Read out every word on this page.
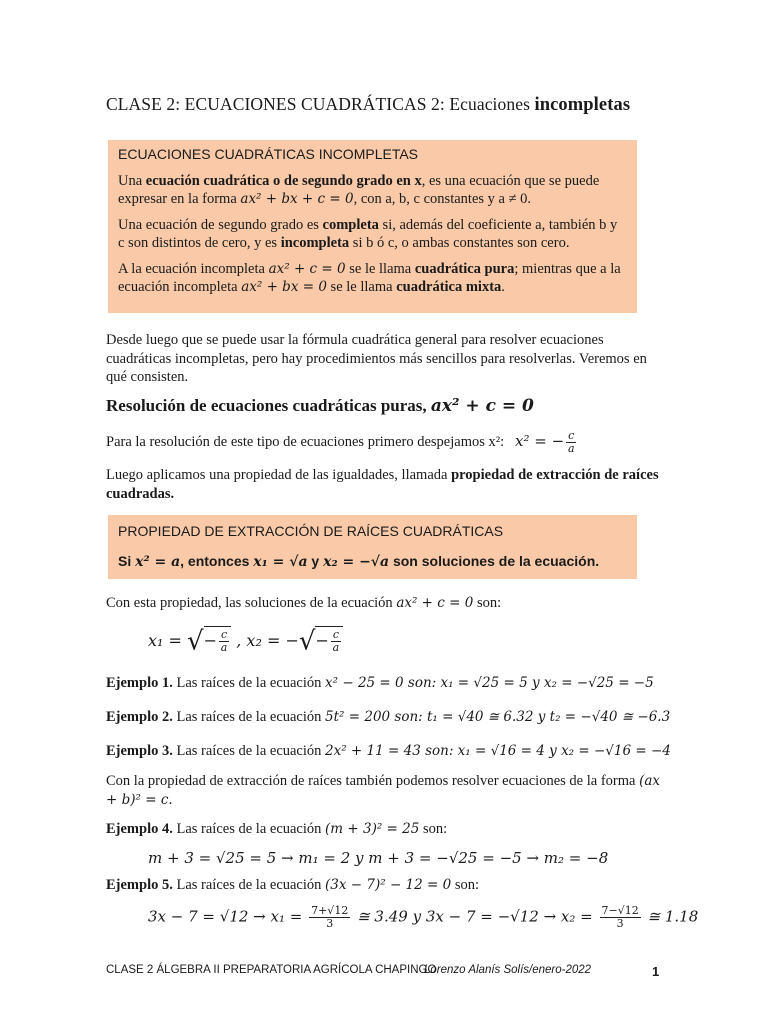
CLASE 2: ECUACIONES CUADRÁTICAS 2: Ecuaciones incompletas
ECUACIONES CUADRÁTICAS INCOMPLETAS

Una ecuación cuadrática o de segundo grado en x, es una ecuación que se puede expresar en la forma ax² + bx + c = 0, con a, b, c constantes y a ≠ 0.

Una ecuación de segundo grado es completa si, además del coeficiente a, también b y c son distintos de cero, y es incompleta si b ó c, o ambas constantes son cero.

A la ecuación incompleta ax² + c = 0 se le llama cuadrática pura; mientras que a la ecuación incompleta ax² + bx = 0 se le llama cuadrática mixta.

Desde luego que se puede usar la fórmula cuadrática general para resolver ecuaciones cuadráticas incompletas, pero hay procedimientos más sencillos para resolverlas. Veremos en qué consisten.
Resolución de ecuaciones cuadráticas puras, ax² + c = 0
Para la resolución de este tipo de ecuaciones primero despejamos x²: x² = − $\frac{c}{a}$
Luego aplicamos una propiedad de las igualdades, llamada propiedad de extracción de raíces cuadradas.
PROPIEDAD DE EXTRACCIÓN DE RAÍCES CUADRÁTICAS
Si x² = a, entonces x₁ = √a y x₂ = −√a son soluciones de la ecuación.
Con esta propiedad, las soluciones de la ecuación ax² + c = 0 son:
x₁ = √− $\frac{c}{a}$ , x₂ = −√− $\frac{c}{a}$
Ejemplo 1. Las raíces de la ecuación x² − 25 = 0 son: x₁ = √25 = 5 y x₂ = −√25 = −5
Ejemplo 2. Las raíces de la ecuación 5t² = 200 son: t₁ = √40 ≅ 6.32 y t₂ = −√40 ≅ −6.3
Ejemplo 3. Las raíces de la ecuación 2x² + 11 = 43 son: x₁ = √16 = 4 y x₂ = −√16 = −4
Con la propiedad de extracción de raíces también podemos resolver ecuaciones de la forma (ax + b)² = c.
Ejemplo 4. Las raíces de la ecuación (m + 3)² = 25 son:
m + 3 = √25 = 5 → m₁ = 2 y m + 3 = −√25 = −5 → m₂ = −8
Ejemplo 5. Las raíces de la ecuación (3x − 7)² − 12 = 0 son:
$3x - 7 = √12 \to x_1 = \frac{7+√12}{3}$ ≅ 3.49 y $3x - 7 = -√12 \to x_2 = \frac{7-√12}{3}$ ≅ 1.18
CLASE 2 ÁLGEBRA II PREPARATORIA AGRÍCOLA CHAPINGO
Lorenzo Alanís Solís/enero-2022	1
